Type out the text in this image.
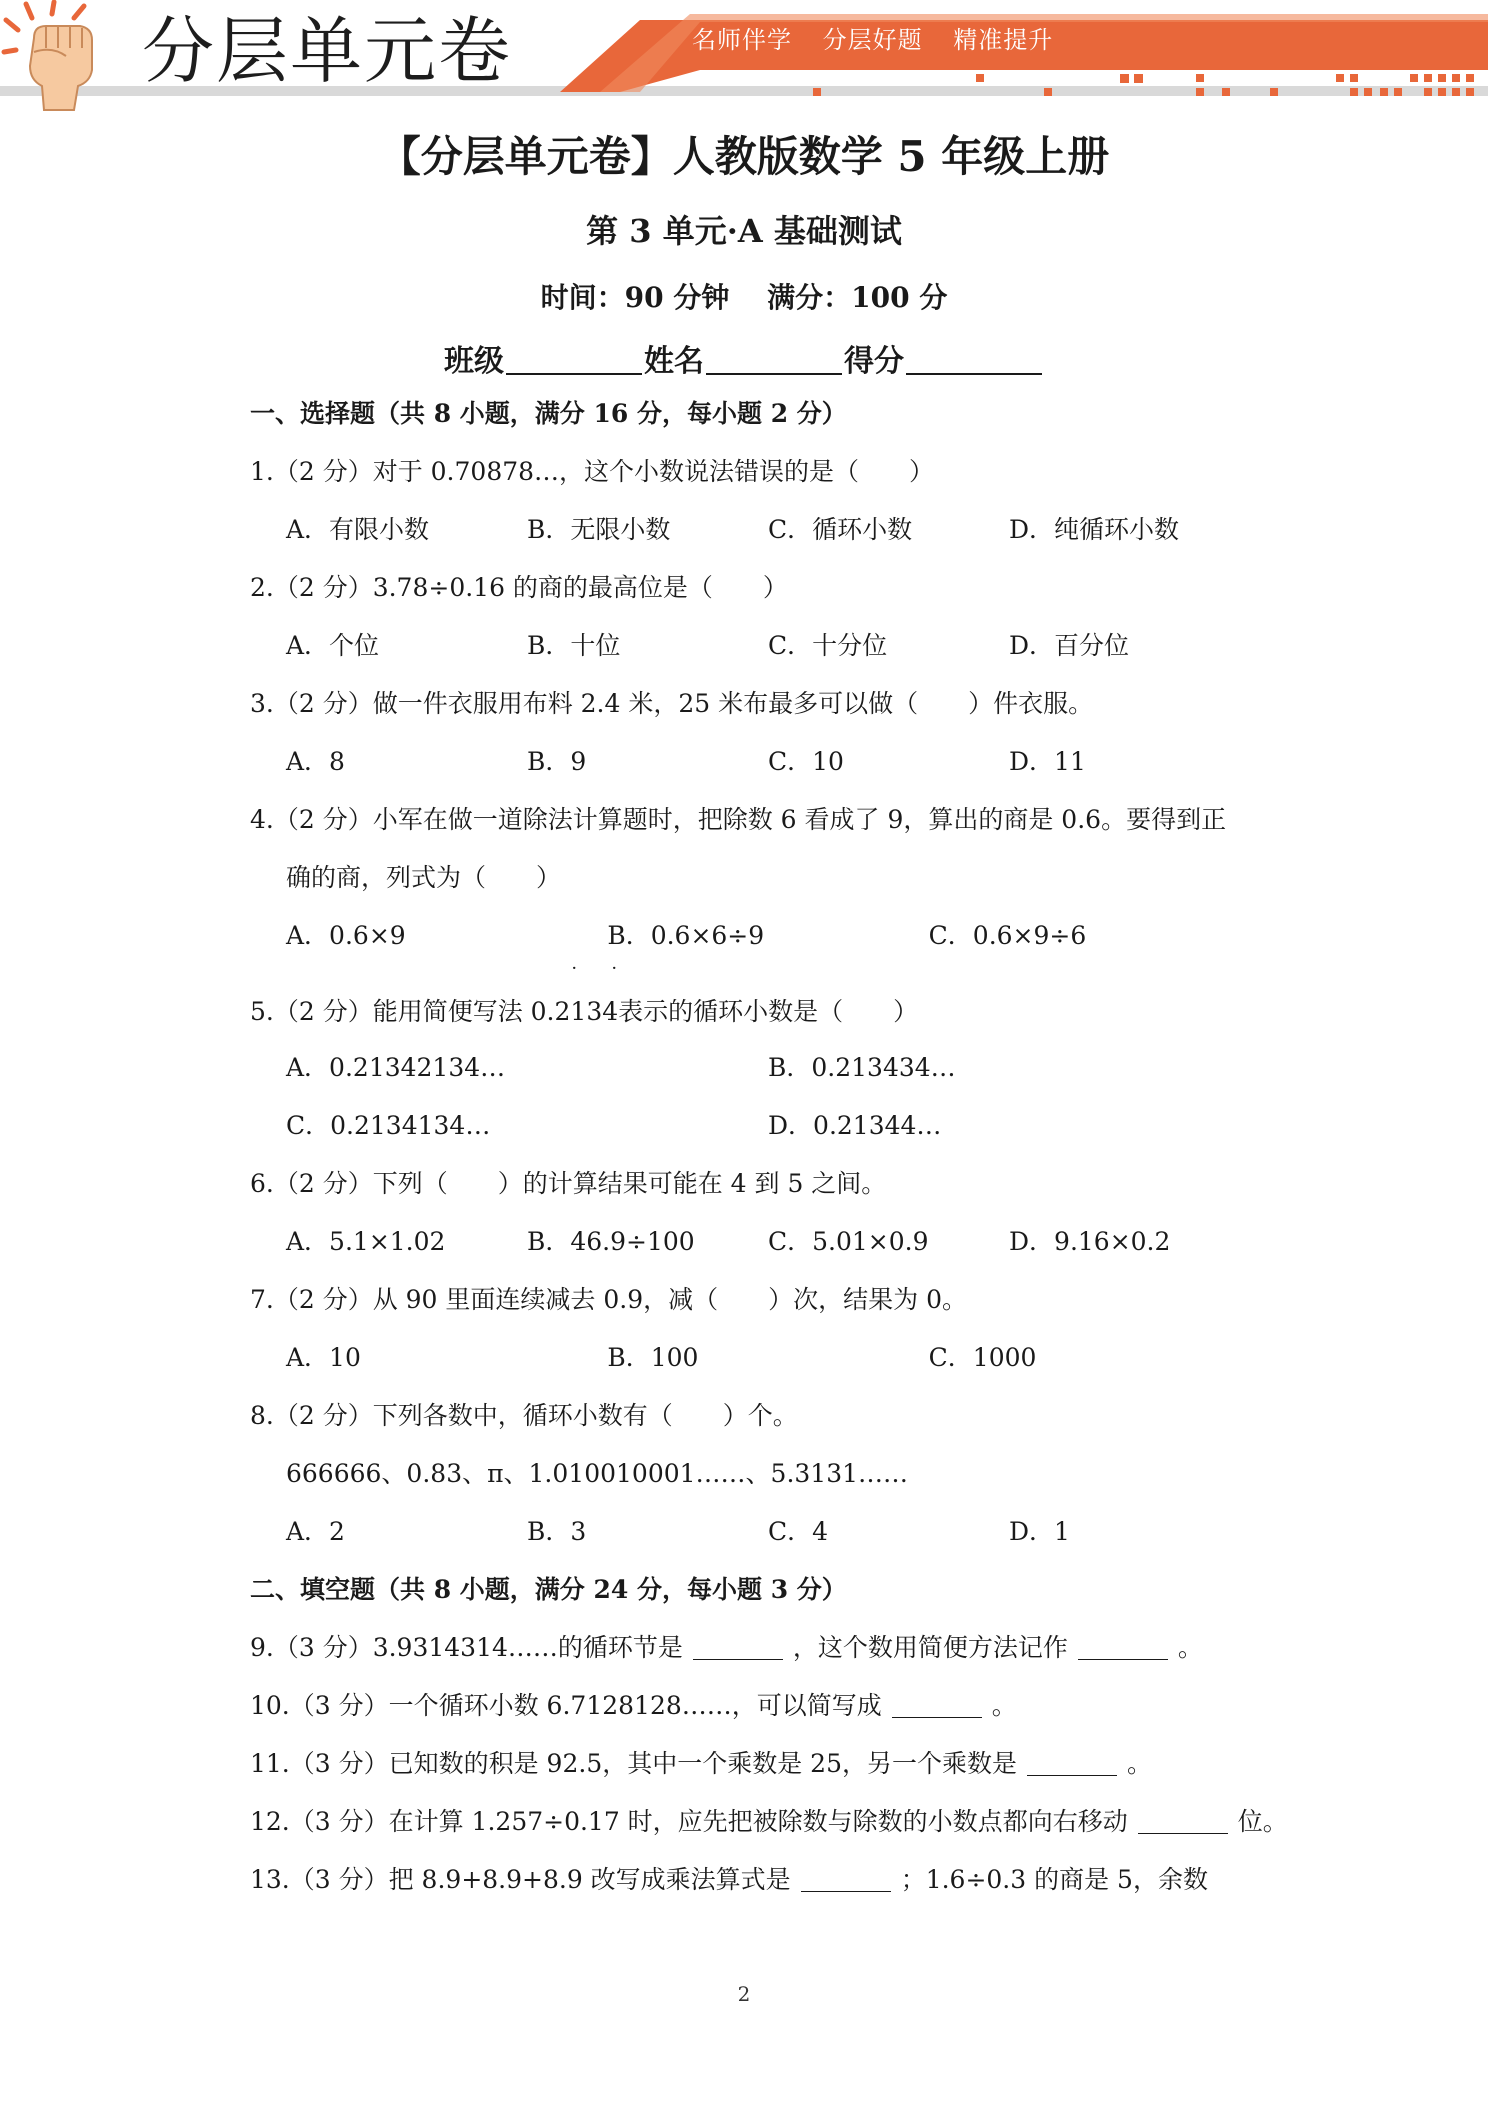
分层单元卷	名师伴学 分层好题 精准提升
【分层单元卷】人教版数学 5 年级上册
第 3 单元·A 基础测试
时间：90 分钟 满分：100 分
班级	姓名	得分
一、选择题（共 8 小题，满分 16 分，每小题 2 分）
1.（2 分）对于 0.70878…，这个小数说法错误的是（　　）
A．有限小数	B．无限小数	C．循环小数	D．纯循环小数
2.（2 分）3.78÷0.16 的商的最高位是（　　）
A．个位	B．十位	C．十分位	D．百分位
3.（2 分）做一件衣服用布料 2.4 米，25 米布最多可以做（　　）件衣服。
A．8	B．9	C．10	D．11
4.（2 分）小军在做一道除法计算题时，把除数 6 看成了 9，算出的商是 0.6。要得到正
确的商，列式为（　　）
A．0.6×9	B．0.6×6÷9	C．0.6×9÷6
5.（2 分）能用简便写法 0.2134
· ·
表示的循环小数是（　　）
A．0.21342134…	B．0.213434…
C．0.2134134…	D．0.21344…
6.（2 分）下列（　　）的计算结果可能在 4 到 5 之间。
A．5.1×1.02	B．46.9÷100	C．5.01×0.9	D．9.16×0.2
7.（2 分）从 90 里面连续减去 0.9，减（　　）次，结果为 0。
A．10	B．100	C．1000
8.（2 分）下列各数中，循环小数有（　　）个。
666666、0.83、π、1.010010001……、5.3131……
A．2	B．3	C．4	D．1
二、填空题（共 8 小题，满分 24 分，每小题 3 分）
9.（3 分）3.9314314……的循环节是	，这个数用简便方法记作	。
10.（3 分）一个循环小数 6.7128128……，可以简写成	。
11.（3 分）已知数的积是 92.5，其中一个乘数是 25，另一个乘数是	。
12.（3 分）在计算 1.257÷0.17 时，应先把被除数与除数的小数点都向右移动	位。
13.（3 分）把 8.9+8.9+8.9 改写成乘法算式是	；1.6÷0.3 的商是 5，余数
2
